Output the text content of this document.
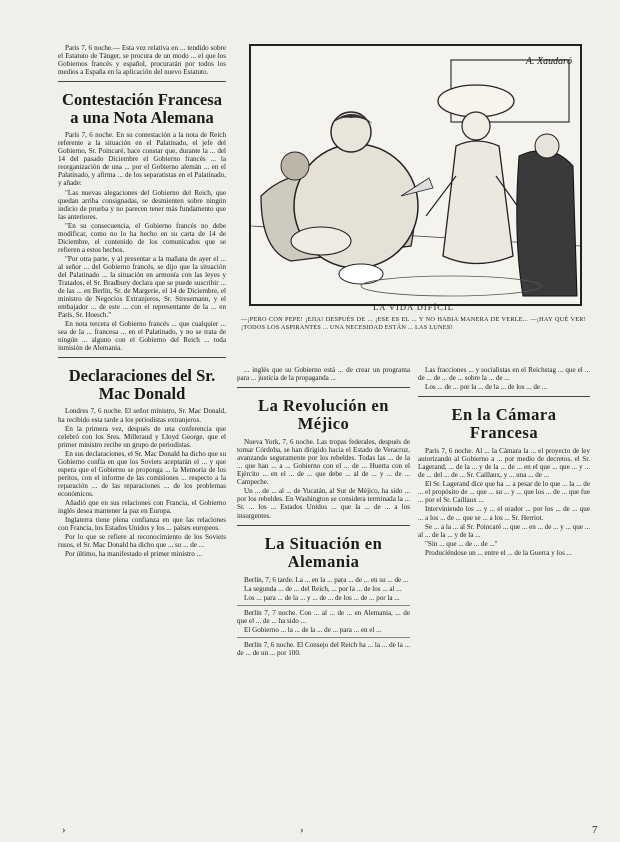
Paris 7, 6 noche.— Esta vez relativa en ... tendido sobre el Estatuto de Tánger, se procura de un modo ... el que los Gobiernos francés y español, procurarán por todos los medios a España en la aplicación del nuevo Estatuto.

Contestación Francesa a una Nota Alemana

París 7, 6 noche. En su contestación a la nota de Reich referente a la situación en el Palatinado, el jefe del Gobierno, Sr. Poincaré, hace constar que, durante la ... del 14 del pasado Diciembre el Gobierno francés ... la reorganización de una ... por el Gobierno alemán ... en el Palatinado, y afirma ... de los separatistas en el Palatinado, y añade:

"Las nuevas alegaciones del Gobierno del Reich, que quedan arriba consignadas, se desmienten sobre ningún indicio de prueba y no parecen tener más fundamento que las anteriores.

"En su consecuencia, el Gobierno francés no debe modificar, como no lo ha hecho en su carta de 14 de Diciembre, el contenido de los comunicados que se refieren a estos hechos.

"Por otra parte, y al presentar a la mañana de ayer el ... al señor ... del Gobierno francés, se dijo que la situación del Palatinado ... la situación en armonía con las leyes y Tratados, el Sr. Bradbury declara que se puede suscribir ... de las ... en Berlín, Sr. de Margerie, el 14 de Diciembre, el ministro de Negocios Extranjeros, Sr. Stresemann, y el embajador ... de este ... con el representante de la ... en París, Sr. Hoesch."

En nota tercera el Gobierno francés ... que cualquier ... sea de la ... francesa ... en el Palatinado, y no se trata de ningún ... alguno con el Gobierno del Reich ... toda inmisión de Alemania.

Declaraciones del Sr. Mac Donald

Londres 7, 6 noche. El señor ministro, Sr. Mac Donald, ha recibido esta tarde a los periodistas extranjeros.

En la primera vez, después de una conferencia que celebró con los Sres. Milleraud y Lloyd George, que el primer ministro recibe un grupo de periodistas.

En sus declaraciones, el Sr. Mac Donald ha dicho que su Gobierno confía en que los Soviets aceptarán el ... y que espera que el Gobierno se proponga ... la Memoria de los peritos, con el informe de las comisiones ... respecto a la reparación ... de las reparaciones ... de los problemas económicos.

Añadió que en sus relaciones con Francia, el Gobierno inglés desea mantener la paz en Europa.

Inglaterra tiene plena confianza en que las relaciones con Francia, los Estados Unidos y los ... países europeos.

Por lo que se refiere al reconocimiento de los Soviets rusos, el Sr. Mac Donald ha dicho que ... su ... de ...

Por último, ha manifestado el primer ministro ...

A. Xaudaró
LA VIDA DIFÍCIL
—¡PERO CON PEPE! ¡EJIA! DESPUÉS DE ... ¡ESE ES EL ... Y NO HABIA MANERA DE VERLE... —¡HAY QUÉ VER! ¡TODOS LOS ASPIRANTES ... UNA NECESIDAD ESTÁN ... LAS LUNES!

... inglés que su Gobierno está ... de crear un programa para ... justicia de la propaganda ...

La Revolución en Méjico

Nueva York, 7, 6 noche. Las tropas federales, después de tomar Córdoba, se han dirigido hacia el Estado de Veracruz, avanzando seguramente por los rebeldes. Todas las ... de la ... que han ... a ... Gobierno con el ... de ... Huerta con el Ejército ... en el ... de ... que debe ... al de ... y ... de ... Campeche.

Un ... de ... al ... de Yucatán, al Sur de Méjico, ha sido ... por los rebeldes. En Washington se considera terminada la ... Sr. ... los ... Estados Unidos ... que la ... de ... a los insurgentes.

La Situación en Alemania

Berlín, 7, 6 tarde. La ... en la ... para ... de ... en su ... de ...

La segunda ... de ... del Reich, ... por la ... de los ... al ...

Los ... para ... de la ... y ... de ... de los ... de ... por la ...

Berlín 7, 7 noche. Con ... al ... de ... en Alemania, ... de que el ... de ... ha sido ...

El Gobierno ... la ... de la ... de ... para ... en el ...

Berlín 7, 6 noche. El Consejo del Reich ha ... la ... de la ... de ... de un ... por 100.

Las fracciones ... y socialistas en el Reichstag ... que el ... de ... de ... de ... sobre la ... de ...

Los ... de ... por la ... de la ... de los ... de ...

En la Cámara Francesa

París 7, 6 noche. Al ... la Cámara la ... el proyecto de ley autorizando al Gobierno a ... por medio de decretos, el Sr. Lagerand, ... de la ... y de la ... de ... en el que ... que ... y ... de ... del ... de ... Sr. Caillaux, y ... una ... de ...

El Sr. Lagerand dice que ha ... a pesar de lo que ... la ... de ... el propósito de ... que ... su ... y ... que los ... de ... que fue ... por el Sr. Caillaux ...

Interviniendo los ... y ... el orador ... por los ... de ... que ... a los ... de ... que se ... a los ... Sr. Herriot.

Se ... a la ... al Sr. Poincaré ... que ... en ... de ... y ... que ... al ... de la ... y de la ...

"Sin ... que ... de ... de ..."

Produciéndose un ... entre el ... de la Guerra y los ...

›	›	7
